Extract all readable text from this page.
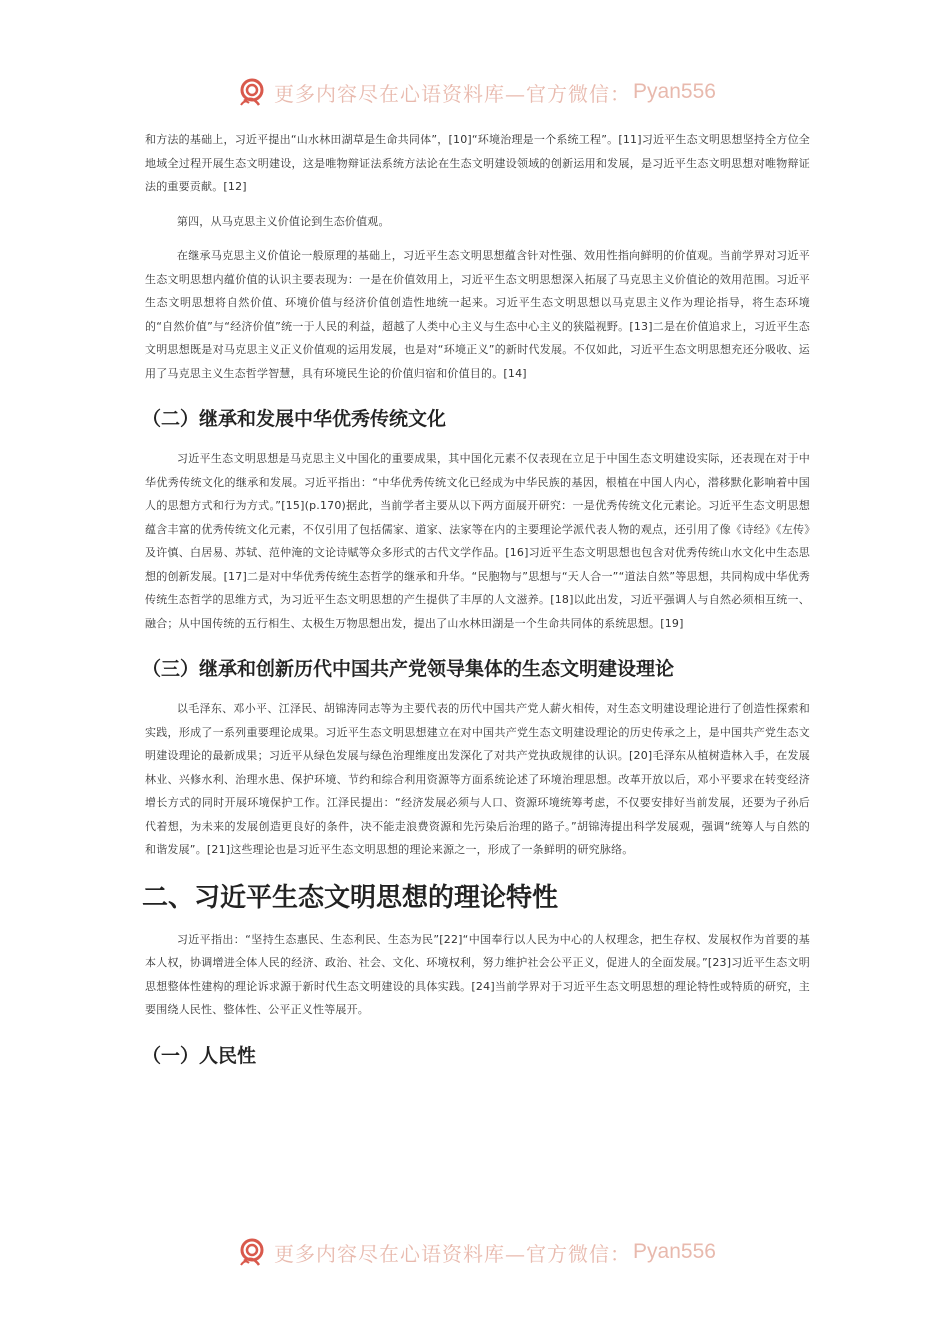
更多内容尽在心语资料库—官方微信： Pyan556

和方法的基础上，习近平提出“山水林田湖草是生命共同体”，[10]“环境治理是一个系统工程”。[11]习近平生态文明思想坚持全方位全地域全过程开展生态文明建设，这是唯物辩证法系统方法论在生态文明建设领域的创新运用和发展，是习近平生态文明思想对唯物辩证法的重要贡献。[12]

第四，从马克思主义价值论到生态价值观。

在继承马克思主义价值论一般原理的基础上，习近平生态文明思想蕴含针对性强、效用性指向鲜明的价值观。当前学界对习近平生态文明思想内蕴价值的认识主要表现为：一是在价值效用上，习近平生态文明思想深入拓展了马克思主义价值论的效用范围。习近平生态文明思想将自然价值、环境价值与经济价值创造性地统一起来。习近平生态文明思想以马克思主义作为理论指导，将生态环境的“自然价值”与“经济价值”统一于人民的利益，超越了人类中心主义与生态中心主义的狭隘视野。[13]二是在价值追求上，习近平生态文明思想既是对马克思主义正义价值观的运用发展，也是对“环境正义”的新时代发展。不仅如此，习近平生态文明思想充还分吸收、运用了马克思主义生态哲学智慧，具有环境民生论的价值归宿和价值目的。[14]

（二）继承和发展中华优秀传统文化

习近平生态文明思想是马克思主义中国化的重要成果，其中国化元素不仅表现在立足于中国生态文明建设实际，还表现在对于中华优秀传统文化的继承和发展。习近平指出：“中华优秀传统文化已经成为中华民族的基因，根植在中国人内心，潜移默化影响着中国人的思想方式和行为方式。”[15](p.170)据此，当前学者主要从以下两方面展开研究：一是优秀传统文化元素论。习近平生态文明思想蕴含丰富的优秀传统文化元素，不仅引用了包括儒家、道家、法家等在内的主要理论学派代表人物的观点，还引用了像《诗经》《左传》及许慎、白居易、苏轼、范仲淹的文论诗赋等众多形式的古代文学作品。[16]习近平生态文明思想也包含对优秀传统山水文化中生态思想的创新发展。[17]二是对中华优秀传统生态哲学的继承和升华。“民胞物与”思想与“天人合一”“道法自然”等思想，共同构成中华优秀传统生态哲学的思维方式，为习近平生态文明思想的产生提供了丰厚的人文滋养。[18]以此出发，习近平强调人与自然必须相互统一、融合；从中国传统的五行相生、太极生万物思想出发，提出了山水林田湖是一个生命共同体的系统思想。[19]

（三）继承和创新历代中国共产党领导集体的生态文明建设理论

以毛泽东、邓小平、江泽民、胡锦涛同志等为主要代表的历代中国共产党人薪火相传，对生态文明建设理论进行了创造性探索和实践，形成了一系列重要理论成果。习近平生态文明思想建立在对中国共产党生态文明建设理论的历史传承之上，是中国共产党生态文明建设理论的最新成果；习近平从绿色发展与绿色治理维度出发深化了对共产党执政规律的认识。[20]毛泽东从植树造林入手，在发展林业、兴修水利、治理水患、保护环境、节约和综合利用资源等方面系统论述了环境治理思想。改革开放以后，邓小平要求在转变经济增长方式的同时开展环境保护工作。江泽民提出：“经济发展必须与人口、资源环境统筹考虑，不仅要安排好当前发展，还要为子孙后代着想，为未来的发展创造更良好的条件，决不能走浪费资源和先污染后治理的路子。”胡锦涛提出科学发展观，强调“统筹人与自然的和谐发展”。[21]这些理论也是习近平生态文明思想的理论来源之一，形成了一条鲜明的研究脉络。

二、习近平生态文明思想的理论特性

习近平指出：“坚持生态惠民、生态利民、生态为民”[22]“中国奉行以人民为中心的人权理念，把生存权、发展权作为首要的基本人权，协调增进全体人民的经济、政治、社会、文化、环境权利，努力维护社会公平正义，促进人的全面发展。”[23]习近平生态文明思想整体性建构的理论诉求源于新时代生态文明建设的具体实践。[24]当前学界对于习近平生态文明思想的理论特性或特质的研究，主要围绕人民性、整体性、公平正义性等展开。

（一）人民性
更多内容尽在心语资料库—官方微信： Pyan556
